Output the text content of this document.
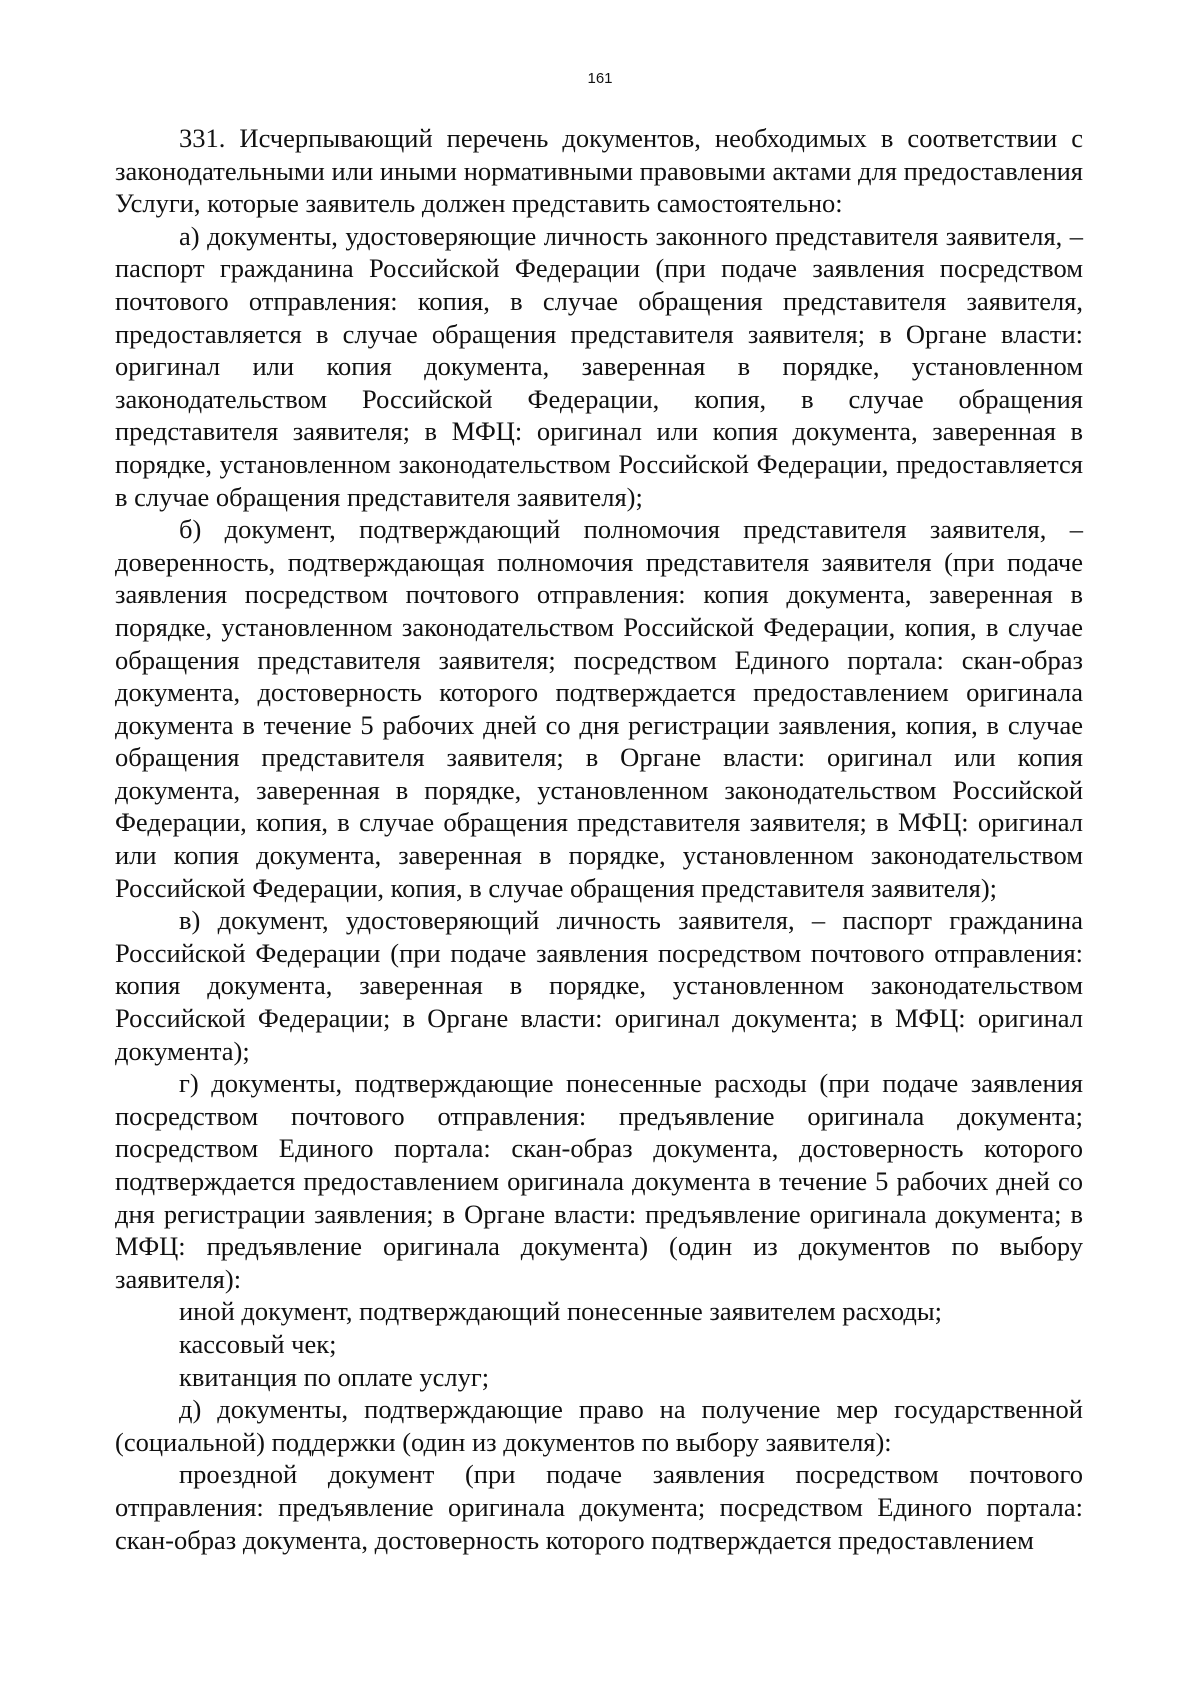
161

331. Исчерпывающий перечень документов, необходимых в соответствии с законодательными или иными нормативными правовыми актами для предоставления Услуги, которые заявитель должен представить самостоятельно:

а) документы, удостоверяющие личность законного представителя заявителя, – паспорт гражданина Российской Федерации (при подаче заявления посредством почтового отправления: копия, в случае обращения представителя заявителя, предоставляется в случае обращения представителя заявителя; в Органе власти: оригинал или копия документа, заверенная в порядке, установленном законодательством Российской Федерации, копия, в случае обращения представителя заявителя; в МФЦ: оригинал или копия документа, заверенная в порядке, установленном законодательством Российской Федерации, предоставляется в случае обращения представителя заявителя);

б) документ, подтверждающий полномочия представителя заявителя, – доверенность, подтверждающая полномочия представителя заявителя (при подаче заявления посредством почтового отправления: копия документа, заверенная в порядке, установленном законодательством Российской Федерации, копия, в случае обращения представителя заявителя; посредством Единого портала: скан-образ документа, достоверность которого подтверждается предоставлением оригинала документа в течение 5 рабочих дней со дня регистрации заявления, копия, в случае обращения представителя заявителя; в Органе власти: оригинал или копия документа, заверенная в порядке, установленном законодательством Российской Федерации, копия, в случае обращения представителя заявителя; в МФЦ: оригинал или копия документа, заверенная в порядке, установленном законодательством Российской Федерации, копия, в случае обращения представителя заявителя);

в) документ, удостоверяющий личность заявителя, – паспорт гражданина Российской Федерации (при подаче заявления посредством почтового отправления: копия документа, заверенная в порядке, установленном законодательством Российской Федерации; в Органе власти: оригинал документа; в МФЦ: оригинал документа);

г) документы, подтверждающие понесенные расходы (при подаче заявления посредством почтового отправления: предъявление оригинала документа; посредством Единого портала: скан-образ документа, достоверность которого подтверждается предоставлением оригинала документа в течение 5 рабочих дней со дня регистрации заявления; в Органе власти: предъявление оригинала документа; в МФЦ: предъявление оригинала документа) (один из документов по выбору заявителя):

иной документ, подтверждающий понесенные заявителем расходы;

кассовый чек;

квитанция по оплате услуг;

д) документы, подтверждающие право на получение мер государственной (социальной) поддержки (один из документов по выбору заявителя):

проездной документ (при подаче заявления посредством почтового отправления: предъявление оригинала документа; посредством Единого портала: скан-образ документа, достоверность которого подтверждается предоставлением
